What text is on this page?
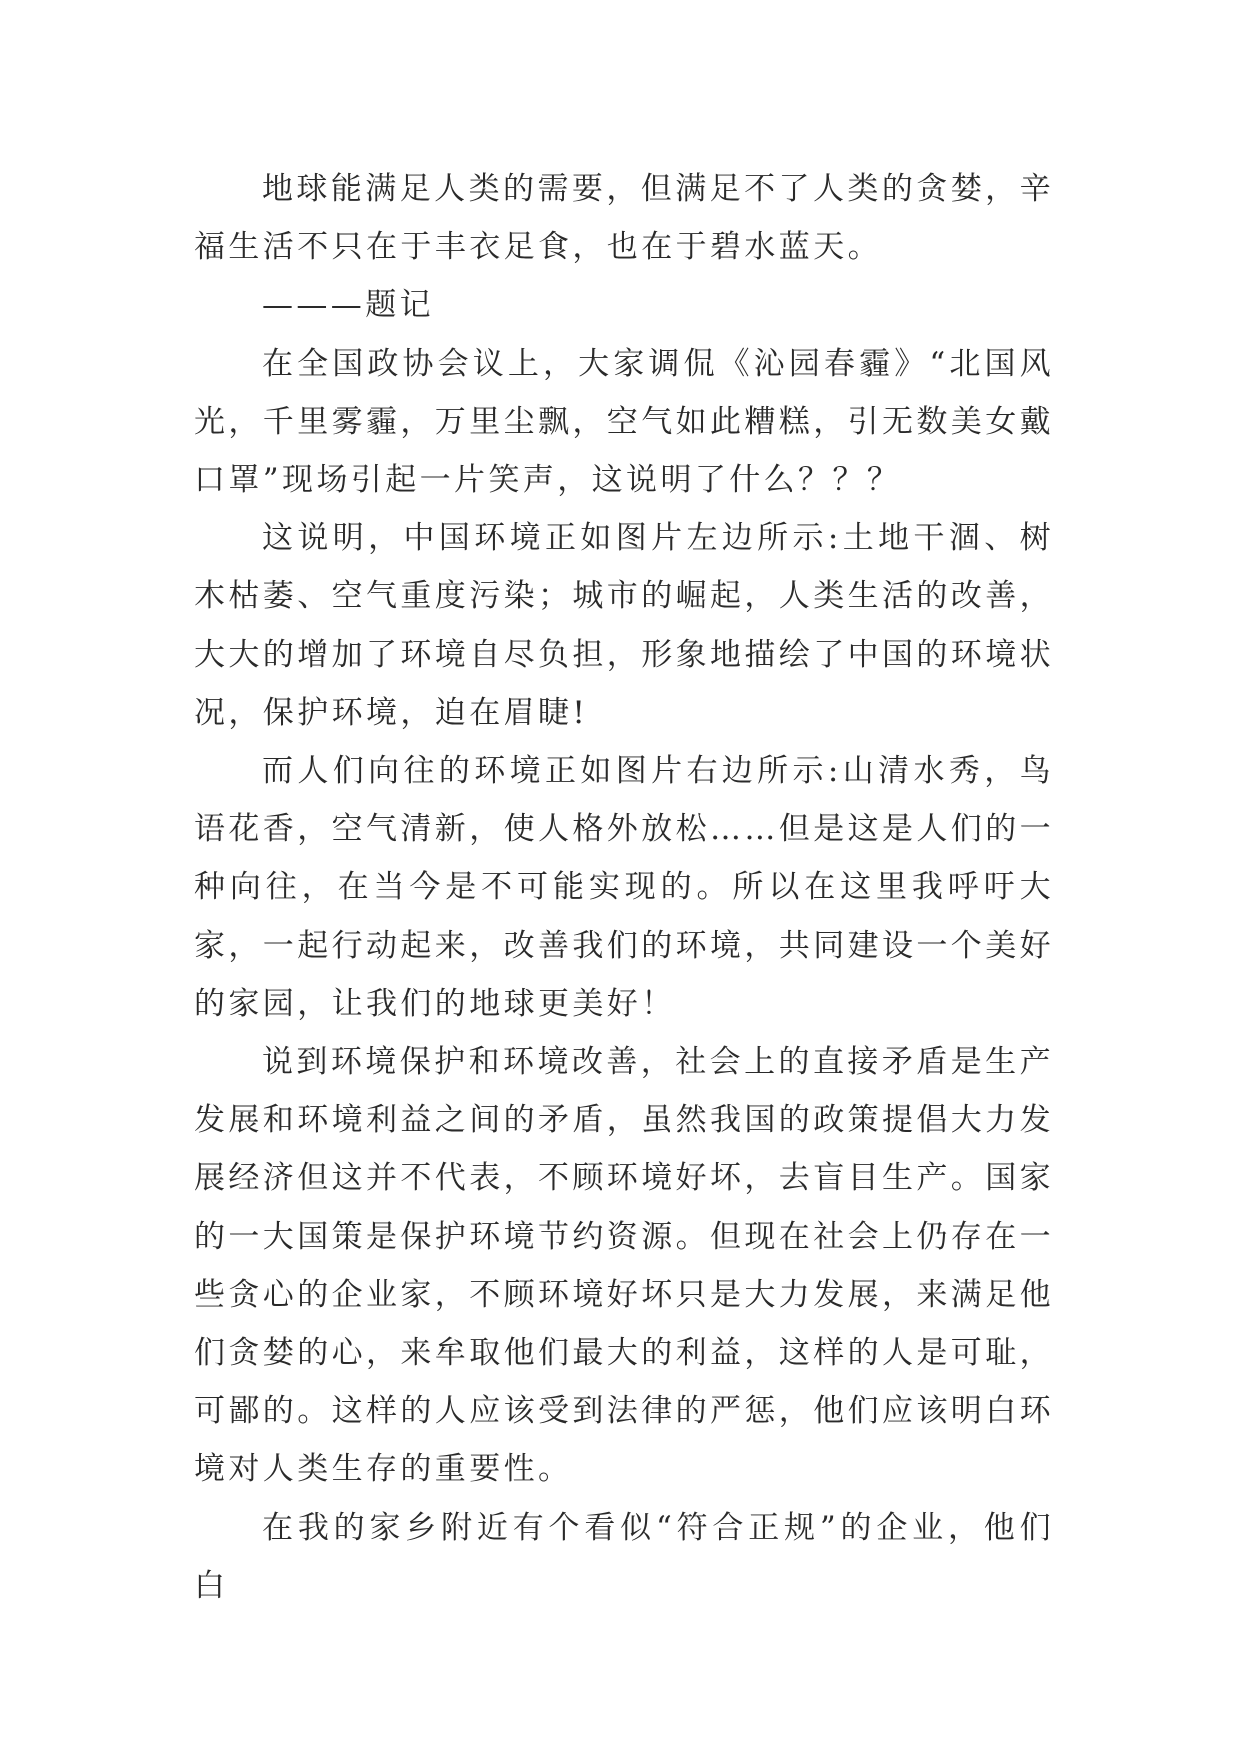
地球能满足人类的需要，但满足不了人类的贪婪，辛福生活不只在于丰衣足食，也在于碧水蓝天。

———题记

在全国政协会议上，大家调侃《沁园春霾》“北国风光，千里雾霾，万里尘飘，空气如此糟糕，引无数美女戴口罩”现场引起一片笑声，这说明了什么？？？

这说明，中国环境正如图片左边所示:土地干涸、树木枯萎、空气重度污染；城市的崛起，人类生活的改善，大大的增加了环境自尽负担，形象地描绘了中国的环境状况，保护环境，迫在眉睫!

而人们向往的环境正如图片右边所示:山清水秀，鸟语花香，空气清新，使人格外放松……但是这是人们的一种向往，在当今是不可能实现的。所以在这里我呼吁大家，一起行动起来，改善我们的环境，共同建设一个美好的家园，让我们的地球更美好！

说到环境保护和环境改善，社会上的直接矛盾是生产发展和环境利益之间的矛盾，虽然我国的政策提倡大力发展经济但这并不代表，不顾环境好坏，去盲目生产。国家的一大国策是保护环境节约资源。但现在社会上仍存在一些贪心的企业家，不顾环境好坏只是大力发展，来满足他们贪婪的心，来牟取他们最大的利益，这样的人是可耻，可鄙的。这样的人应该受到法律的严惩，他们应该明白环境对人类生存的重要性。

在我的家乡附近有个看似“符合正规”的企业，他们白
